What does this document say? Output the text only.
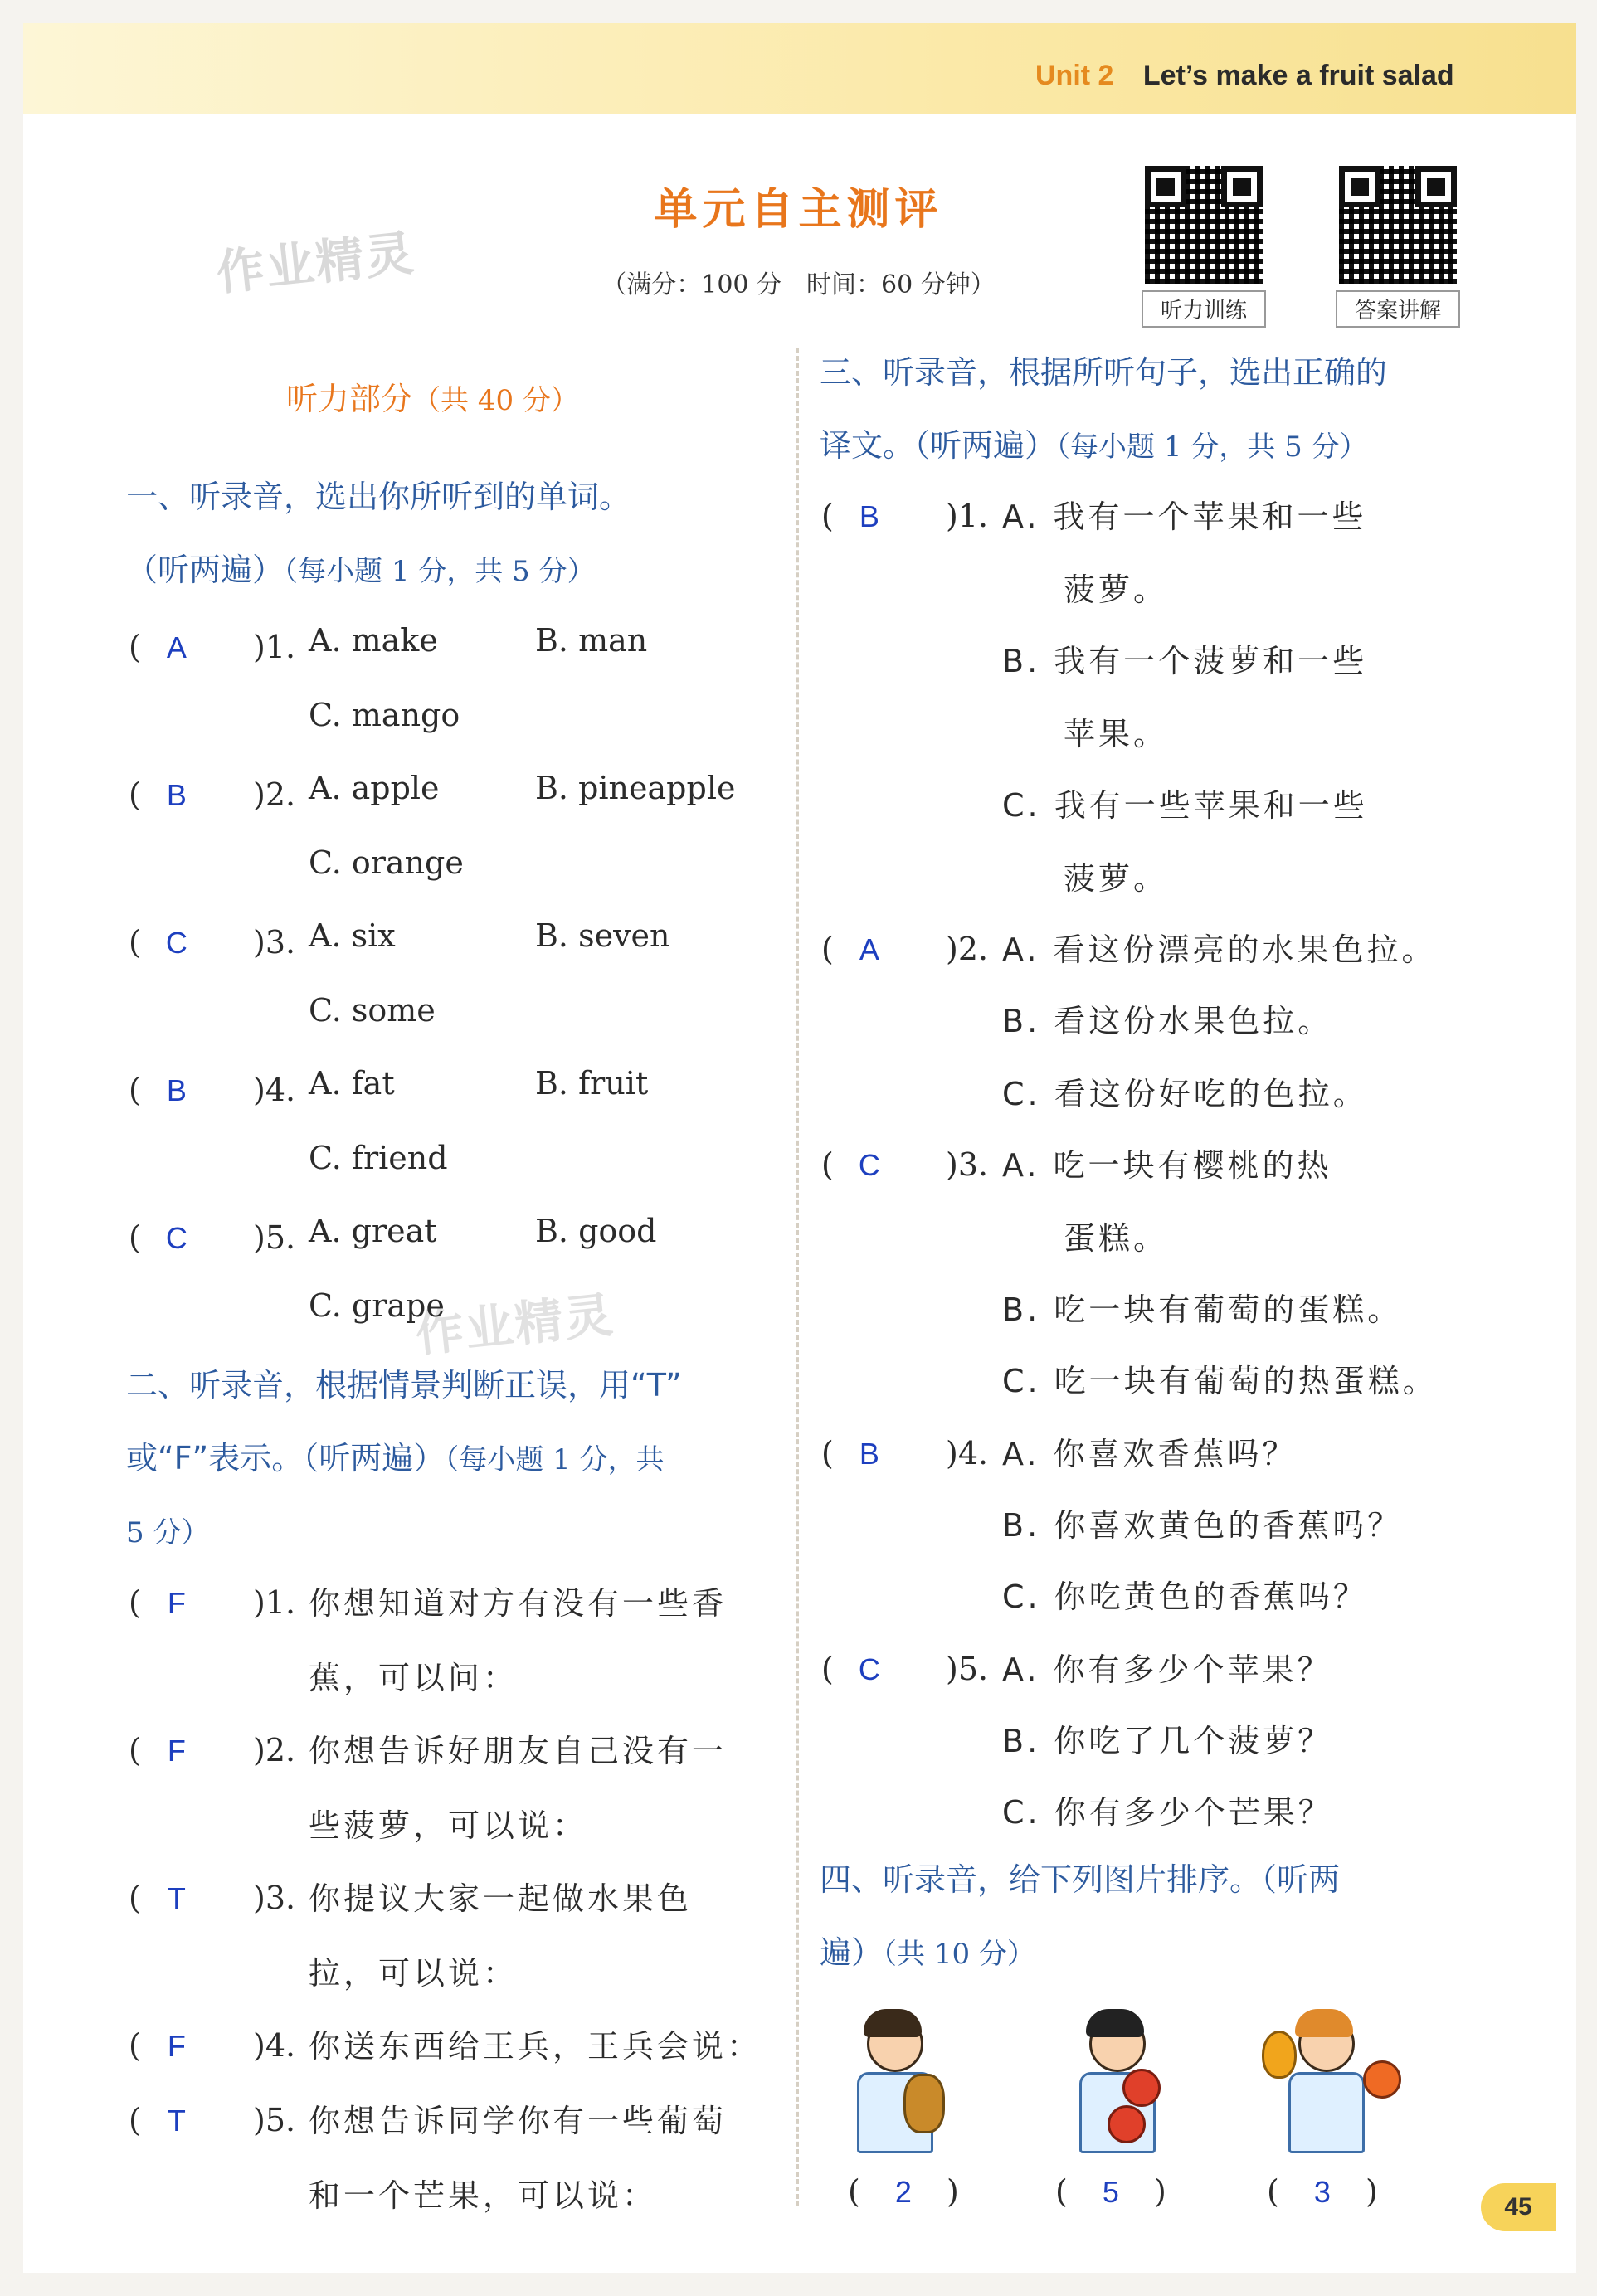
Unit 2 Let’s make a fruit salad
作业精灵
作业精灵
单元自主测评
（满分：100 分　时间：60 分钟）
听力训练	答案讲解
听力部分（共 40 分）
一、听录音，选出你所听到的单词。
（听两遍）（每小题 1 分，共 5 分）
( A )1. A. make	B. man
C. mango
( B )2. A. apple	B. pineapple
C. orange
( C )3. A. six	B. seven
C. some
( B )4. A. fat	B. fruit
C. friend
( C )5. A. great	B. good
C. grape
二、听录音，根据情景判断正误，用“T”
或“F”表示。（听两遍）（每小题 1 分，共
5 分）
( F )1. 你想知道对方有没有一些香
蕉，可以问：
( F )2. 你想告诉好朋友自己没有一
些菠萝，可以说：
( T )3. 你提议大家一起做水果色
拉，可以说：
( F )4. 你送东西给王兵，王兵会说：
( T )5. 你想告诉同学你有一些葡萄
和一个芒果，可以说：
三、听录音，根据所听句子，选出正确的
译文。（听两遍）（每小题 1 分，共 5 分）
( B )1. A. 我有一个苹果和一些
菠萝。
B. 我有一个菠萝和一些
苹果。
C. 我有一些苹果和一些
菠萝。
( A )2. A. 看这份漂亮的水果色拉。
B. 看这份水果色拉。
C. 看这份好吃的色拉。
( C )3. A. 吃一块有樱桃的热
蛋糕。
B. 吃一块有葡萄的蛋糕。
C. 吃一块有葡萄的热蛋糕。
( B )4. A. 你喜欢香蕉吗？
B. 你喜欢黄色的香蕉吗？
C. 你吃黄色的香蕉吗？
( C )5. A. 你有多少个苹果？
B. 你吃了几个菠萝？
C. 你有多少个芒果？
四、听录音，给下列图片排序。（听两
遍）（共 10 分）
( 2 )	( 5 )	( 3 )	45
